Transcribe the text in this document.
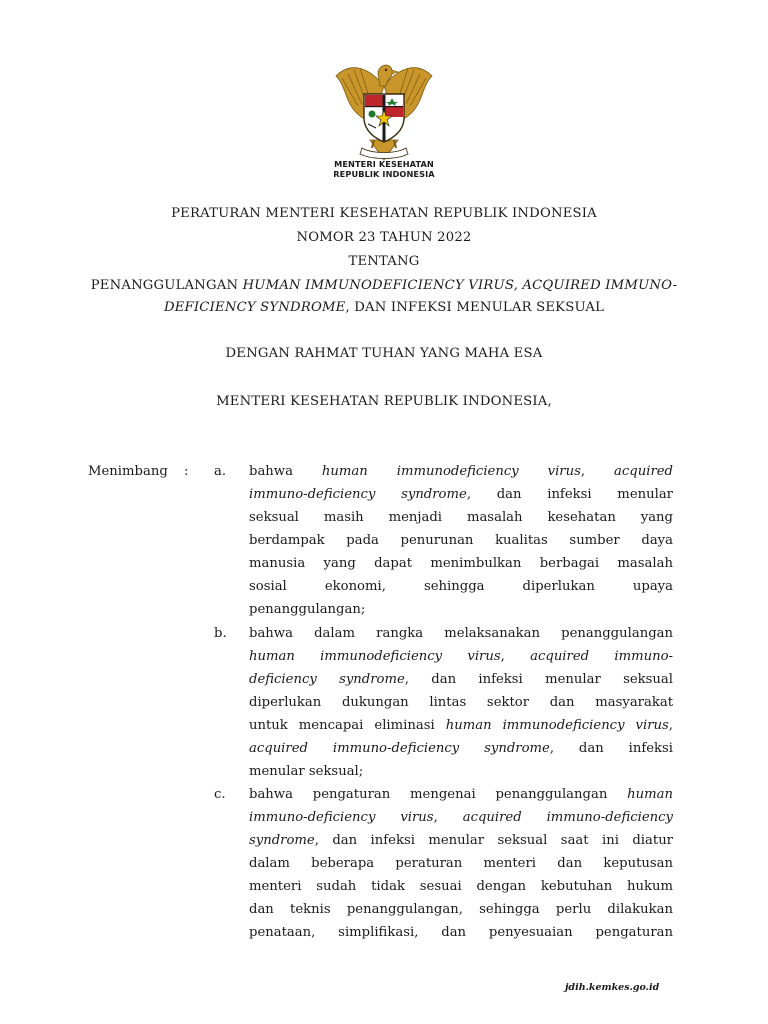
MENTERI KESEHATAN
REPUBLIK INDONESIA
PERATURAN MENTERI KESEHATAN REPUBLIK INDONESIA
NOMOR 23 TAHUN 2022
TENTANG
PENANGGULANGAN HUMAN IMMUNODEFICIENCY VIRUS, ACQUIRED IMMUNO-
DEFICIENCY SYNDROME, DAN INFEKSI MENULAR SEKSUAL
DENGAN RAHMAT TUHAN YANG MAHA ESA
MENTERI KESEHATAN REPUBLIK INDONESIA,
Menimbang : a. bahwa human immunodeficiency virus, acquired
immuno-deficiency syndrome, dan infeksi menular
seksual masih menjadi masalah kesehatan yang
berdampak pada penurunan kualitas sumber daya
manusia yang dapat menimbulkan berbagai masalah
sosial ekonomi, sehingga diperlukan upaya
penanggulangan;
b. bahwa dalam rangka melaksanakan penanggulangan
human immunodeficiency virus, acquired immuno-
deficiency syndrome, dan infeksi menular seksual
diperlukan dukungan lintas sektor dan masyarakat
untuk mencapai eliminasi human immunodeficiency virus,
acquired immuno-deficiency syndrome, dan infeksi
menular seksual;
c. bahwa pengaturan mengenai penanggulangan human
immuno-deficiency virus, acquired immuno-deficiency
syndrome, dan infeksi menular seksual saat ini diatur
dalam beberapa peraturan menteri dan keputusan
menteri sudah tidak sesuai dengan kebutuhan hukum
dan teknis penanggulangan, sehingga perlu dilakukan
penataan, simplifikasi, dan penyesuaian pengaturan
jdih.kemkes.go.id
